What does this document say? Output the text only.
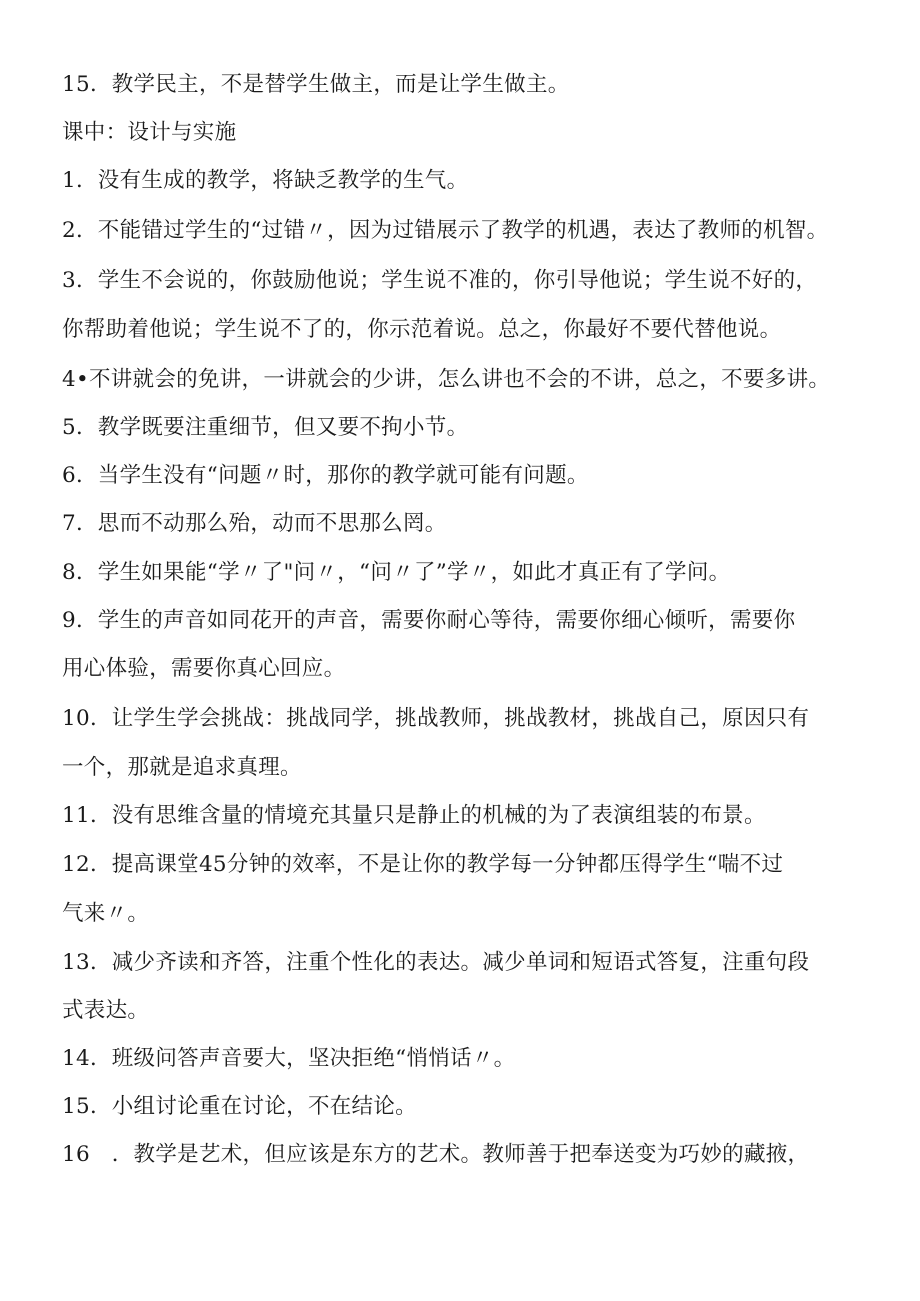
15．教学民主，不是替学生做主，而是让学生做主。

课中：设计与实施

1．没有生成的教学，将缺乏教学的生气。

2．不能错过学生的“过错〃，因为过错展示了教学的机遇，表达了教师的机智。

3．学生不会说的，你鼓励他说；学生说不准的，你引导他说；学生说不好的，

你帮助着他说；学生说不了的，你示范着说。总之，你最好不要代替他说。

4•不讲就会的免讲，一讲就会的少讲，怎么讲也不会的不讲，总之，不要多讲。

5．教学既要注重细节，但又要不拘小节。

6．当学生没有“问题〃时，那你的教学就可能有问题。

7．思而不动那么殆，动而不思那么罔。

8．学生如果能“学〃了"问〃，“问〃了”学〃，如此才真正有了学问。

9．学生的声音如同花开的声音，需要你耐心等待，需要你细心倾听，需要你

用心体验，需要你真心回应。

10．让学生学会挑战：挑战同学，挑战教师，挑战教材，挑战自己，原因只有

一个，那就是追求真理。

11．没有思维含量的情境充其量只是静止的机械的为了表演组装的布景。

12．提高课堂45分钟的效率，不是让你的教学每一分钟都压得学生“喘不过

气来〃。

13．减少齐读和齐答，注重个性化的表达。减少单词和短语式答复，注重句段

式表达。

14．班级问答声音要大，坚决拒绝“悄悄话〃。

15．小组讨论重在讨论，不在结论。

16　．教学是艺术，但应该是东方的艺术。教师善于把奉送变为巧妙的藏掖，
